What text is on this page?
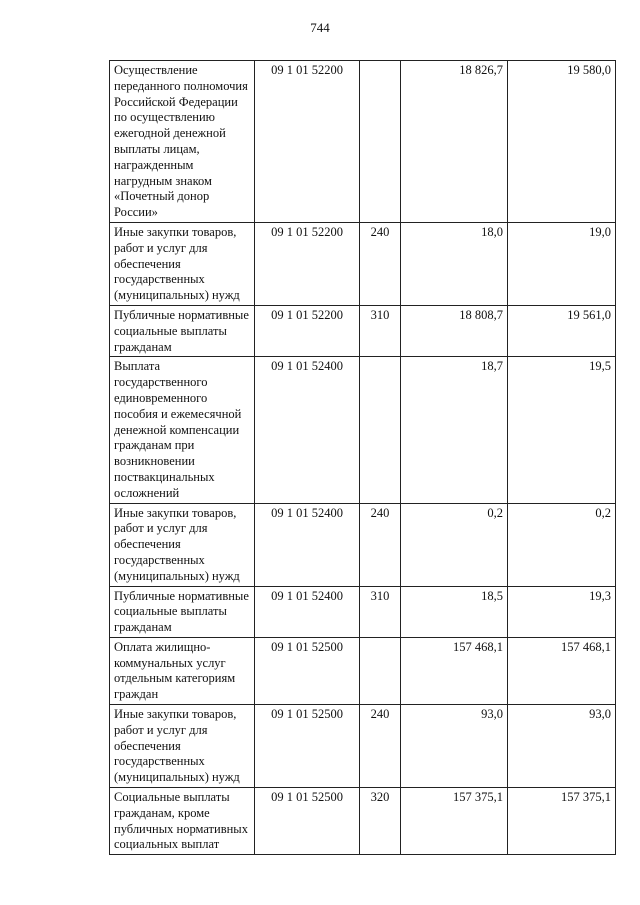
744
Осуществление переданного полномочия Российской Федерации по осуществлению ежегодной денежной выплаты лицам, награжденным нагрудным знаком «Почетный донор России»	09 1 01 52200		18 826,7	19 580,0
Иные закупки товаров, работ и услуг для обеспечения государственных (муниципальных) нужд	09 1 01 52200	240	18,0	19,0
Публичные нормативные социальные выплаты гражданам	09 1 01 52200	310	18 808,7	19 561,0
Выплата государственного единовременного пособия и ежемесячной денежной компенсации гражданам при возникновении поствакцинальных осложнений	09 1 01 52400		18,7	19,5
Иные закупки товаров, работ и услуг для обеспечения государственных (муниципальных) нужд	09 1 01 52400	240	0,2	0,2
Публичные нормативные социальные выплаты гражданам	09 1 01 52400	310	18,5	19,3
Оплата жилищно-коммунальных услуг отдельным категориям граждан	09 1 01 52500		157 468,1	157 468,1
Иные закупки товаров, работ и услуг для обеспечения государственных (муниципальных) нужд	09 1 01 52500	240	93,0	93,0
Социальные выплаты гражданам, кроме публичных нормативных социальных выплат	09 1 01 52500	320	157 375,1	157 375,1
